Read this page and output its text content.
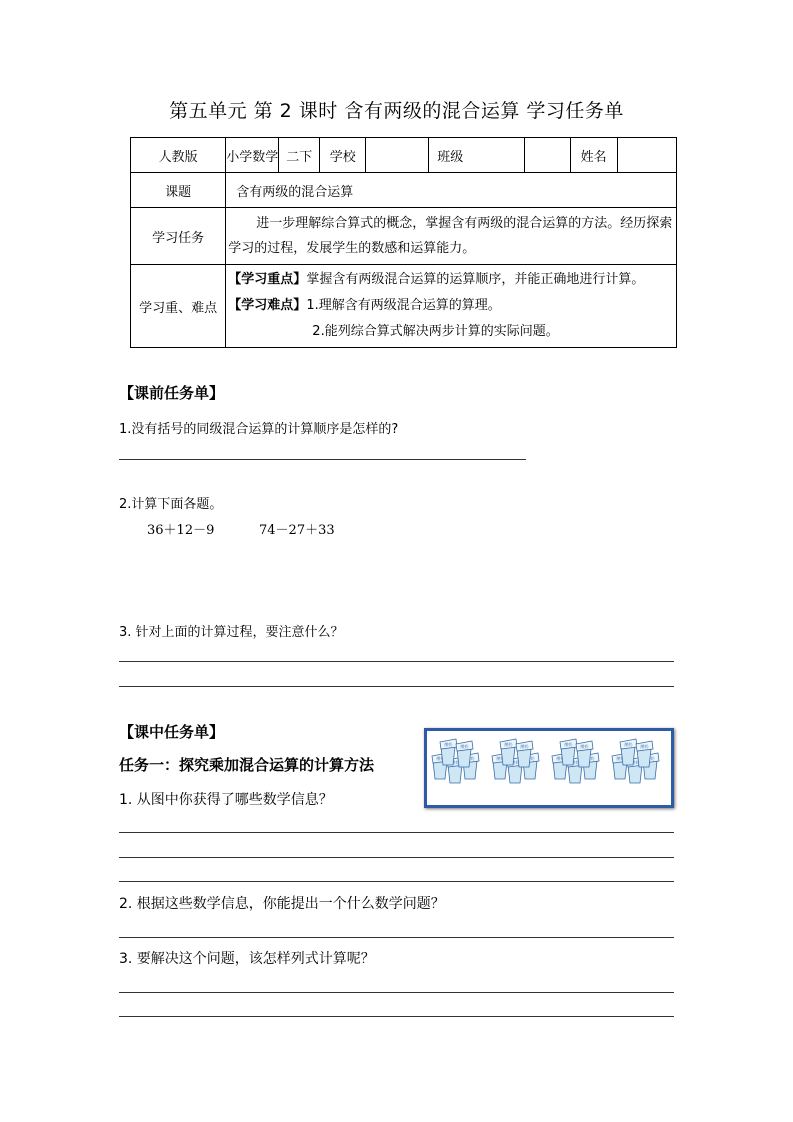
第五单元 第 2 课时 含有两级的混合运算 学习任务单
人教版	小学数学	二下	学校		班级		姓名	
课题	含有两级的混合运算							
学习任务	进一步理解综合算式的概念，掌握含有两级的混合运算的方法。经历探索学习的过程，发展学生的数感和运算能力。							
学习重、难点	【学习重点】掌握含有两级混合运算的运算顺序，并能正确地进行计算。
【学习难点】1.理解含有两级混合运算的算理。
2.能列综合算式解决两步计算的实际问题。							
【课前任务单】
1.没有括号的同级混合运算的计算顺序是怎样的?
2.计算下面各题。
36＋12－9	74－27＋33
3. 针对上面的计算过程，要注意什么？
【课中任务单】
任务一：探究乘加混合运算的计算方法
1. 从图中你获得了哪些数学信息？
酸奶
2. 根据这些数学信息，你能提出一个什么数学问题？
3. 要解决这个问题，该怎样列式计算呢？
